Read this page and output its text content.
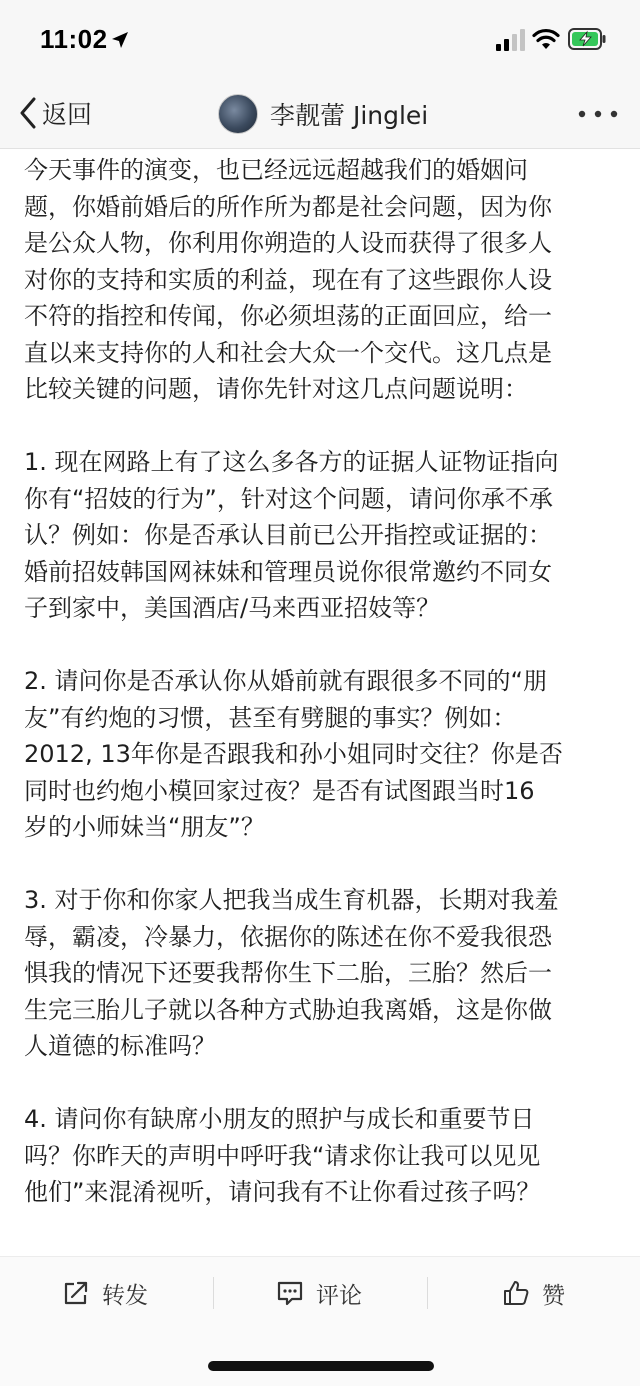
11:02
返回	李靓蕾 Jinglei

今天事件的演变，也已经远远超越我们的婚姻问
题，你婚前婚后的所作所为都是社会问题，因为你
是公众人物，你利用你朔造的人设而获得了很多人
对你的支持和实质的利益，现在有了这些跟你人设
不符的指控和传闻，你必须坦荡的正面回应，给一
直以来支持你的人和社会大众一个交代。这几点是
比较关键的问题，请你先针对这几点问题说明：

1. 现在网路上有了这么多各方的证据人证物证指向
你有“招妓的行为”，针对这个问题，请问你承不承
认？例如：你是否承认目前已公开指控或证据的：
婚前招妓韩国网袜妹和管理员说你很常邀约不同女
子到家中，美国酒店/马来西亚招妓等？

2. 请问你是否承认你从婚前就有跟很多不同的“朋
友”有约炮的习惯，甚至有劈腿的事实？例如：
2012, 13年你是否跟我和孙小姐同时交往？你是否
同时也约炮小模回家过夜？是否有试图跟当时16
岁的小师妹当“朋友”？

3. 对于你和你家人把我当成生育机器，长期对我羞
辱，霸凌，冷暴力，依据你的陈述在你不爱我很恐
惧我的情况下还要我帮你生下二胎，三胎？然后一
生完三胎儿子就以各种方式胁迫我离婚，这是你做
人道德的标准吗？

4. 请问你有缺席小朋友的照护与成长和重要节日
吗？你昨天的声明中呼吁我“请求你让我可以见见
他们”来混淆视听，请问我有不让你看过孩子吗？

转发	评论	赞
